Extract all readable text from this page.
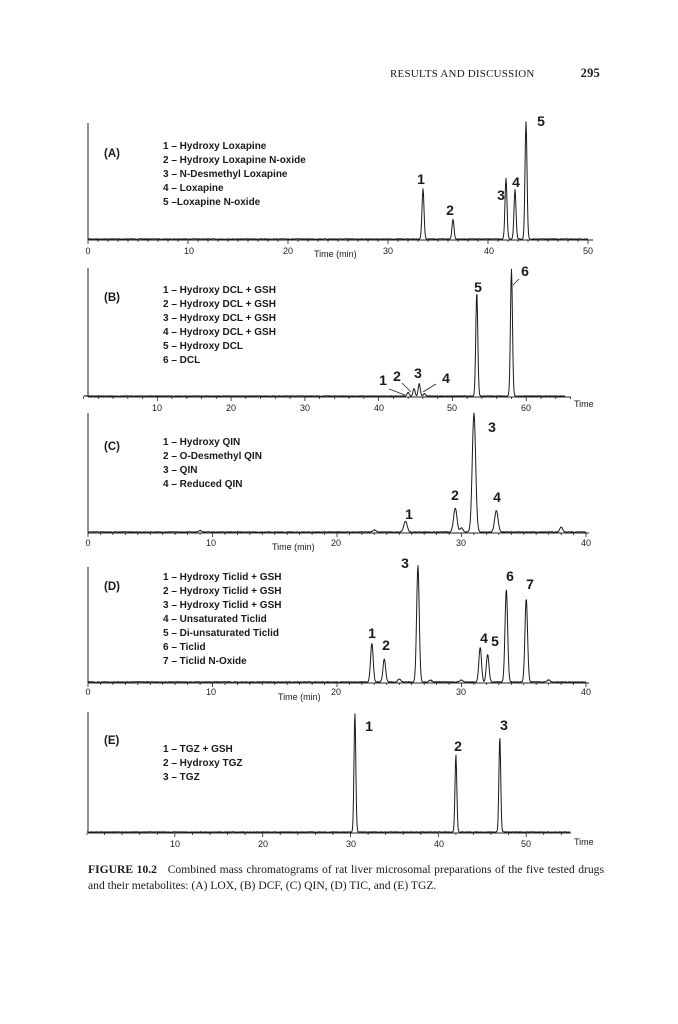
RESULTS AND DISCUSSION	295
0	10	20	30	40	50
Time (min)
(A)
1 – Hydroxy Loxapine
2 – Hydroxy Loxapine N-oxide
3 – N-Desmethyl Loxapine
4 – Loxapine
5 –Loxapine N-oxide
1
2
3
4
5
10	20	30	40	50	60	Time
(B)
1 – Hydroxy DCL + GSH
2 – Hydroxy DCL + GSH
3 – Hydroxy DCL + GSH
4 – Hydroxy DCL + GSH
5 – Hydroxy DCL
6 – DCL
1 2 3 4
5
6
0	10	20	30	40
Time (min)
(C)	1 – Hydroxy QIN
2 – O-Desmethyl QIN
3 – QIN
4 – Reduced QIN
1
2
3
4
0	10	20	30	40
Time (min)
(D)
1 – Hydroxy Ticlid + GSH
2 – Hydroxy Ticlid + GSH
3 – Hydroxy Ticlid + GSH
4 – Unsaturated Ticlid
5 – Di-unsaturated Ticlid
6 – Ticlid
7 – Ticlid N-Oxide
1
2
3
4 5
6 7
10	20	30	40	50	Time
(E)
1 – TGZ + GSH
2 – Hydroxy TGZ
3 – TGZ
1
2
3
FIGURE 10.2 Combined mass chromatograms of rat liver microsomal preparations of the five tested drugs and their metabolites: (A) LOX, (B) DCF, (C) QIN, (D) TIC, and (E) TGZ.
